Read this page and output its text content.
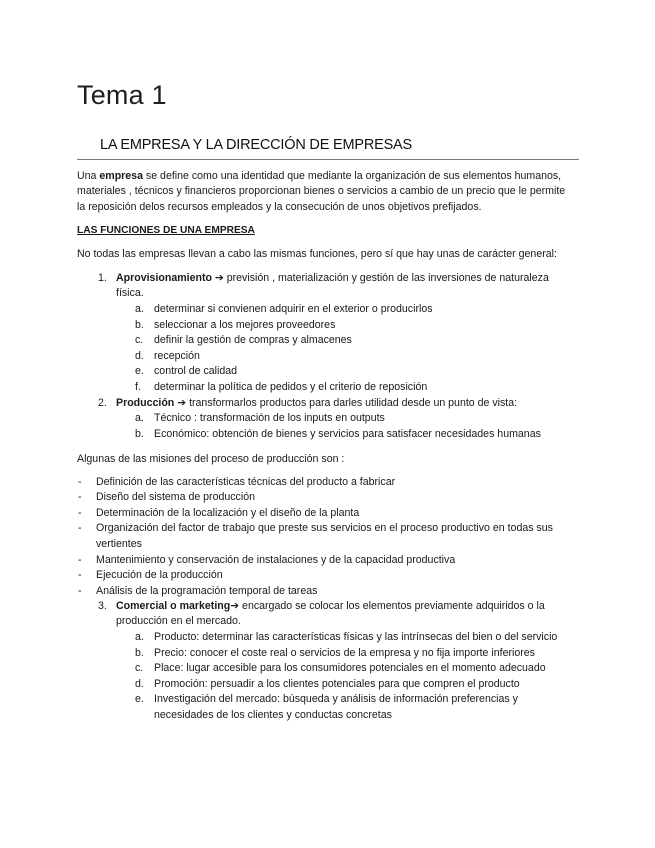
Tema 1
LA EMPRESA Y LA DIRECCIÓN DE EMPRESAS
Una empresa se define como una identidad que mediante la organización de sus elementos humanos,
materiales , técnicos y financieros proporcionan bienes o servicios a cambio de un precio que le permite
la reposición delos recursos empleados y la consecución de unos objetivos prefijados.
LAS FUNCIONES DE UNA EMPRESA
No todas las empresas llevan a cabo las mismas funciones, pero sí que hay unas de carácter general:
1. Aprovisionamiento ➔ previsión , materialización y gestión de las inversiones de naturaleza
física.
a. determinar si convienen adquirir en el exterior o producirlos
b. seleccionar a los mejores proveedores
c. definir la gestión de compras y almacenes
d. recepción
e. control de calidad
f. determinar la política de pedidos y el criterio de reposición
2. Producción ➔ transformarlos productos para darles utilidad desde un punto de vista:
a. Técnico : transformación de los inputs en outputs
b. Económico: obtención de bienes y servicios para satisfacer necesidades humanas
Algunas de las misiones del proceso de producción son :
- Definición de las características técnicas del producto a fabricar
- Diseño del sistema de producción
- Determinación de la localización y el diseño de la planta
- Organización del factor de trabajo que preste sus servicios en el proceso productivo en todas sus
vertientes
- Mantenimiento y conservación de instalaciones y de la capacidad productiva
- Ejecución de la producción
- Análisis de la programación temporal de tareas
3. Comercial o marketing➔ encargado se colocar los elementos previamente adquiridos o la
producción en el mercado.
a. Producto: determinar las características físicas y las intrínsecas del bien o del servicio
b. Precio: conocer el coste real o servicios de la empresa y no fija importe inferiores
c. Place: lugar accesible para los consumidores potenciales en el momento adecuado
d. Promoción: persuadir a los clientes potenciales para que compren el producto
e. Investigación del mercado: búsqueda y análisis de información preferencias y
necesidades de los clientes y conductas concretas
